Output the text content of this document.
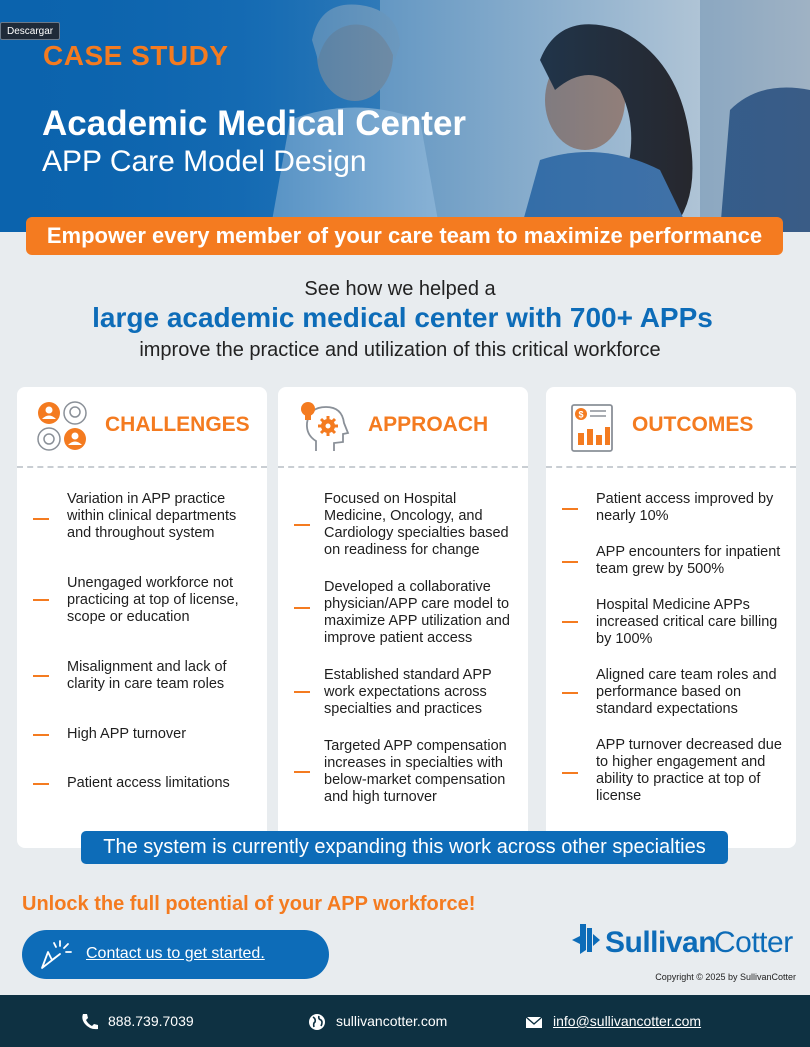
Descargar
CASE STUDY
Academic Medical Center
APP Care Model Design
Empower every member of your care team to maximize performance
See how we helped a
large academic medical center with 700+ APPs
improve the practice and utilization of this critical workforce
CHALLENGES
Variation in APP practice within clinical departments and throughout system
Unengaged workforce not practicing at top of license, scope or education
Misalignment and lack of clarity in care team roles
High APP turnover
Patient access limitations
APPROACH
Focused on Hospital Medicine, Oncology, and Cardiology specialties based on readiness for change
Developed a collaborative physician/APP care model to maximize APP utilization and improve patient access
Established standard APP work expectations across specialties and practices
Targeted APP compensation increases in specialties with below-market compensation and high turnover
$ OUTCOMES
Patient access improved by nearly 10%
APP encounters for inpatient team grew by 500%
Hospital Medicine APPs increased critical care billing by 100%
Aligned care team roles and performance based on standard expectations
APP turnover decreased due to higher engagement and ability to practice at top of license
The system is currently expanding this work across other specialties
Unlock the full potential of your APP workforce!
Contact us to get started.	Sullivan
Cotter
Copyright © 2025 by SullivanCotter
888.739.7039	sullivancotter.com	info@sullivancotter.com
